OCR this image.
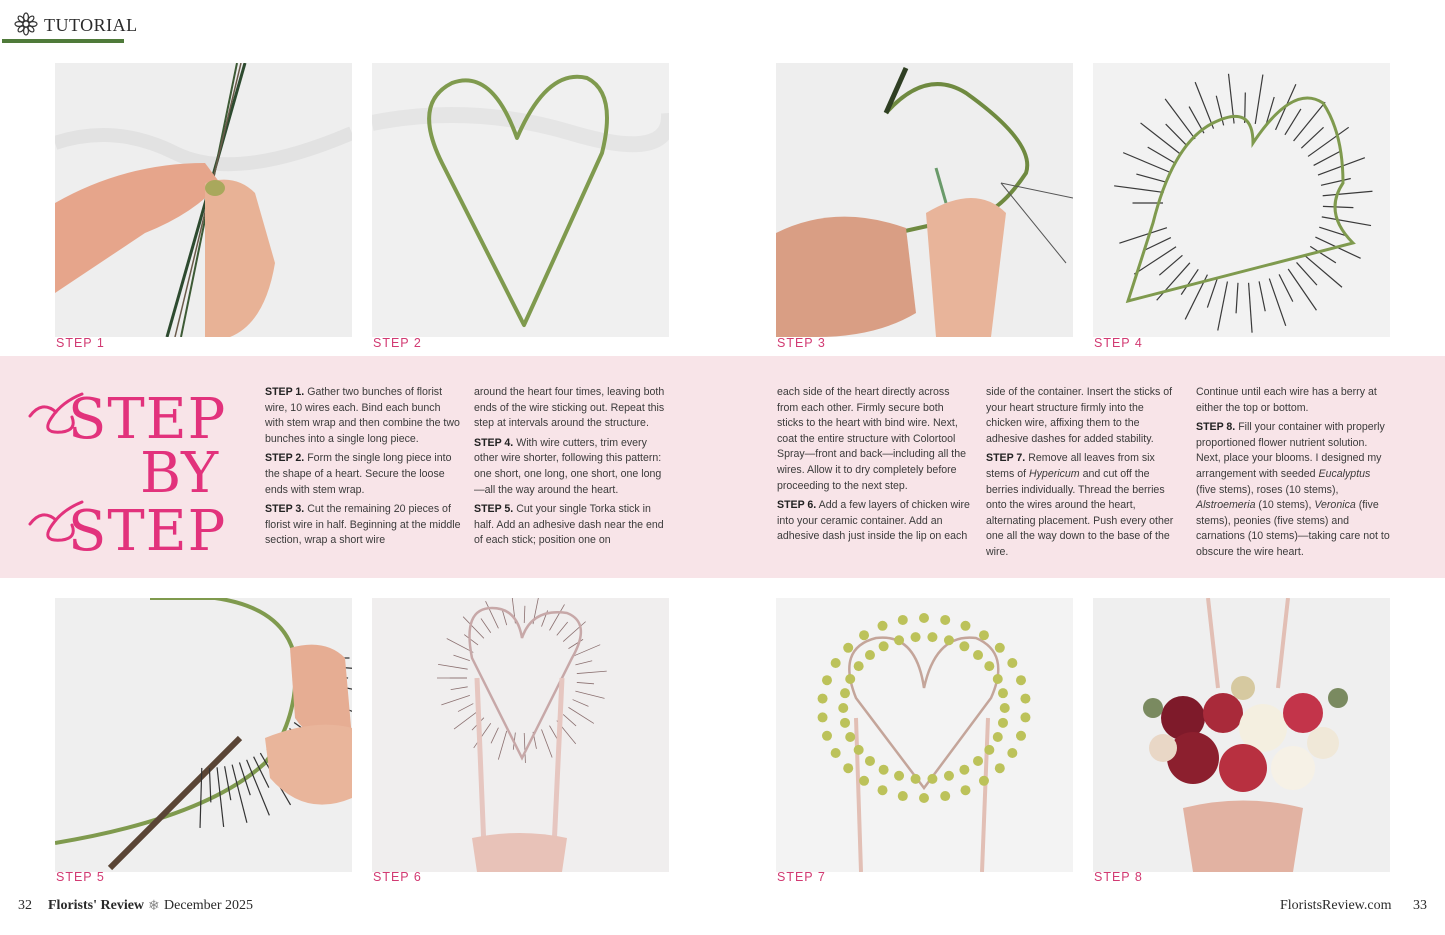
TUTORIAL
STEP 1	STEP 2	STEP 3	STEP 4
STEP
BY
STEP

STEP 1. Gather two bunches of florist wire, 10 wires each. Bind each bunch with stem wrap and then combine the two bunches into a single long piece.

STEP 2. Form the single long piece into the shape of a heart. Secure the loose ends with stem wrap.

STEP 3. Cut the remaining 20 pieces of florist wire in half. Beginning at the middle section, wrap a short wire

around the heart four times, leaving both ends of the wire sticking out. Repeat this step at intervals around the structure.

STEP 4. With wire cutters, trim every other wire shorter, following this pattern: one short, one long, one short, one long—all the way around the heart.

STEP 5. Cut your single Torka stick in half. Add an adhesive dash near the end of each stick; position one on

each side of the heart directly across from each other. Firmly secure both sticks to the heart with bind wire. Next, coat the entire structure with Colortool Spray—front and back—including all the wires. Allow it to dry completely before proceeding to the next step.

STEP 6. Add a few layers of chicken wire into your ceramic container. Add an adhesive dash just inside the lip on each

side of the container. Insert the sticks of your heart structure firmly into the chicken wire, affixing them to the adhesive dashes for added stability.

STEP 7. Remove all leaves from six stems of Hypericum and cut off the berries individually. Thread the berries onto the wires around the heart, alternating placement. Push every other one all the way down to the base of the wire.

Continue until each wire has a berry at either the top or bottom.

STEP 8. Fill your container with properly proportioned flower nutrient solution. Next, place your blooms. I designed my arrangement with seeded Eucalyptus (five stems), roses (10 stems), Alstroemeria (10 stems), Veronica (five stems), peonies (five stems) and carnations (10 stems)—taking care not to obscure the wire heart.

STEP 5	STEP 6	STEP 7	STEP 8
32 Florists' Review ❄ December 2025	FloristsReview.com 33
